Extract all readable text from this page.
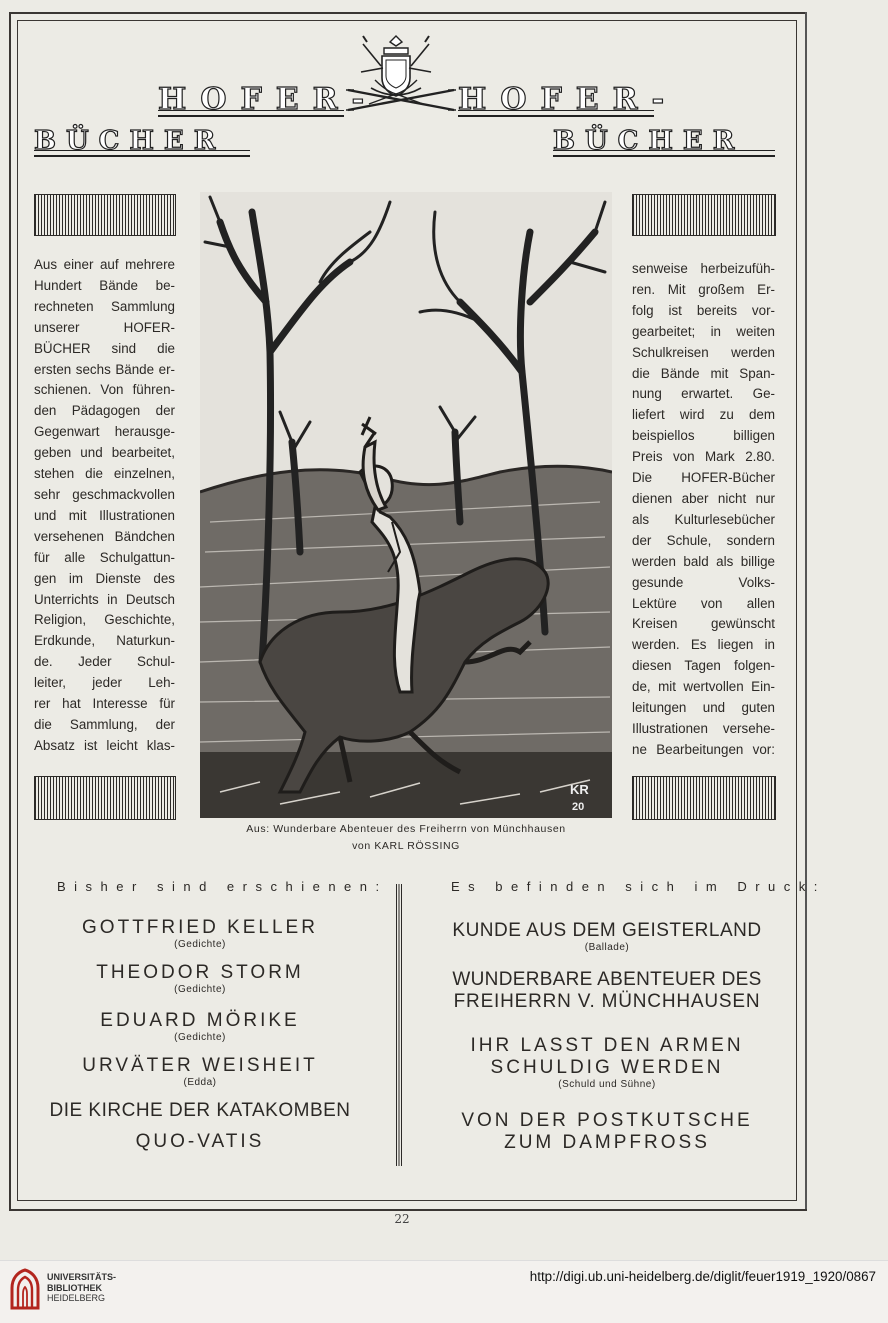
HOFER-	HOFER-
BÜCHER	BÜCHER

Aus einer auf mehrere

Hundert Bände be-

rechneten Sammlung

unserer HOFER-

BÜCHER sind die

ersten sechs Bände er-

schienen. Von führen-

den Pädagogen der

Gegenwart herausge-

geben und bearbeitet,

stehen die einzelnen,

sehr geschmackvollen

und mit Illustrationen

versehenen Bändchen

für alle Schulgattun-

gen im Dienste des

Unterrichts in Deutsch

Religion, Geschichte,

Erdkunde, Naturkun-

de. Jeder Schul-

leiter, jeder Leh-

rer hat Interesse für

die Sammlung, der

Absatz ist leicht klas-

senweise herbeizufüh-

ren. Mit großem Er-

folg ist bereits vor-

gearbeitet; in weiten

Schulkreisen werden

die Bände mit Span-

nung erwartet. Ge-

liefert wird zu dem

beispiellos billigen

Preis von Mark 2.80.

Die HOFER-Bücher

dienen aber nicht nur

als Kulturlesebücher

der Schule, sondern

werden bald als billige

gesunde Volks-

Lektüre von allen

Kreisen gewünscht

werden. Es liegen in

diesen Tagen folgen-

de, mit wertvollen Ein-

leitungen und guten

Illustrationen versehe-

ne Bearbeitungen vor:

KR
20
Aus: Wunderbare Abenteuer des Freiherrn von Münchhausen
von KARL RÖSSING
Bisher sind erschienen:
GOTTFRIED KELLER
(Gedichte)
THEODOR STORM
(Gedichte)
EDUARD MÖRIKE
(Gedichte)
URVÄTER WEISHEIT
(Edda)
DIE KIRCHE DER KATAKOMBEN
QUO-VATIS
Es befinden sich im Druck:
KUNDE AUS DEM GEISTERLAND
(Ballade)
WUNDERBARE ABENTEUER DES
FREIHERRN V. MÜNCHHAUSEN
IHR LASST DEN ARMEN
SCHULDIG WERDEN
(Schuld und Sühne)
VON DER POSTKUTSCHE
ZUM DAMPFROSS
22
UNIVERSITÄTS-
BIBLIOTHEK
HEIDELBERG
http://digi.ub.uni-heidelberg.de/diglit/feuer1919_1920/0867
